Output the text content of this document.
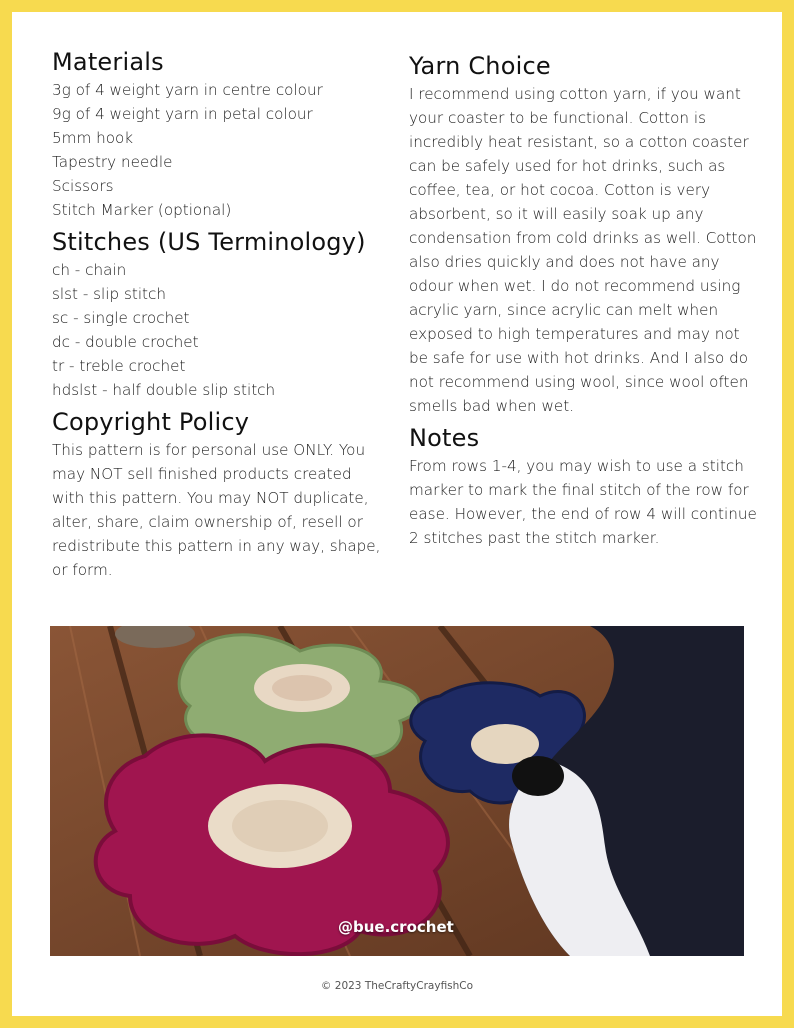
Materials
3g of 4 weight yarn in centre colour
9g of 4 weight yarn in petal colour
5mm hook
Tapestry needle
Scissors
Stitch Marker (optional)
Stitches (US Terminology)
ch - chain
slst - slip stitch
sc - single crochet
dc - double crochet
tr - treble crochet
hdslst - half double slip stitch
Copyright Policy

This pattern is for personal use ONLY. You may NOT sell finished products created with this pattern. You may NOT duplicate, alter, share, claim ownership of, resell or redistribute this pattern in any way, shape, or form.

Yarn Choice

I recommend using cotton yarn, if you want your coaster to be functional. Cotton is incredibly heat resistant, so a cotton coaster can be safely used for hot drinks, such as coffee, tea, or hot cocoa. Cotton is very absorbent, so it will easily soak up any condensation from cold drinks as well. Cotton also dries quickly and does not have any odour when wet. I do not recommend using acrylic yarn, since acrylic can melt when exposed to high temperatures and may not be safe for use with hot drinks. And I also do not recommend using wool, since wool often smells bad when wet.

Notes

From rows 1-4, you may wish to use a stitch marker to mark the final stitch of the row for ease. However, the end of row 4 will continue 2 stitches past the stitch marker.

@bue.crochet
© 2023 TheCraftyCrayfishCo
